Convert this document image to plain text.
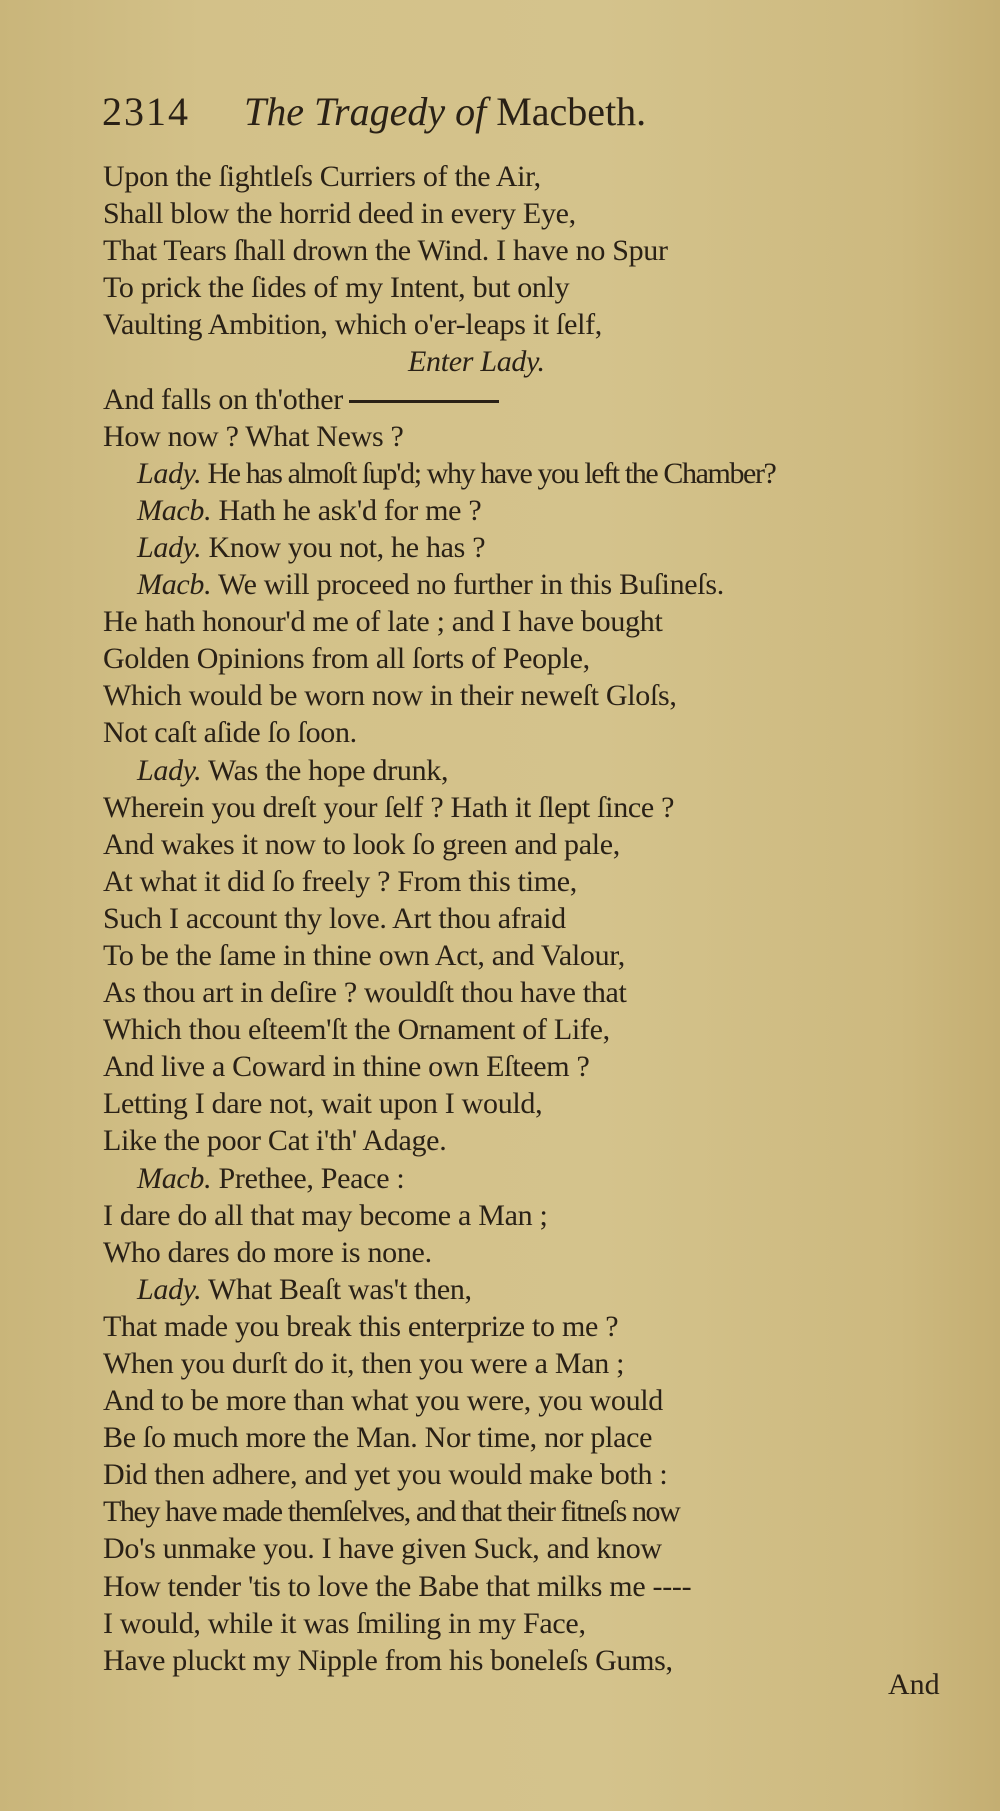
2314 The Tragedy of Macbeth.
Upon the ſightleſs Curriers of the Air,
Shall blow the horrid deed in every Eye,
That Tears ſhall drown the Wind. I have no Spur
To prick the ſides of my Intent, but only
Vaulting Ambition, which o'er-leaps it ſelf,
Enter Lady.
And falls on th'other
How now ? What News ?
Lady. He has almoſt ſup'd; why have you left the Chamber?
Macb. Hath he ask'd for me ?
Lady. Know you not, he has ?
Macb. We will proceed no further in this Buſineſs.
He hath honour'd me of late ; and I have bought
Golden Opinions from all ſorts of People,
Which would be worn now in their neweſt Gloſs,
Not caſt aſide ſo ſoon.
Lady. Was the hope drunk,
Wherein you dreſt your ſelf ? Hath it ſlept ſince ?
And wakes it now to look ſo green and pale,
At what it did ſo freely ? From this time,
Such I account thy love. Art thou afraid
To be the ſame in thine own Act, and Valour,
As thou art in deſire ? wouldſt thou have that
Which thou eſteem'ſt the Ornament of Life,
And live a Coward in thine own Eſteem ?
Letting I dare not, wait upon I would,
Like the poor Cat i'th' Adage.
Macb. Prethee, Peace :
I dare do all that may become a Man ;
Who dares do more is none.
Lady. What Beaſt was't then,
That made you break this enterprize to me ?
When you durſt do it, then you were a Man ;
And to be more than what you were, you would
Be ſo much more the Man. Nor time, nor place
Did then adhere, and yet you would make both :
They have made themſelves, and that their fitneſs now
Do's unmake you. I have given Suck, and know
How tender 'tis to love the Babe that milks me ----
I would, while it was ſmiling in my Face,
Have pluckt my Nipple from his boneleſs Gums,
And
